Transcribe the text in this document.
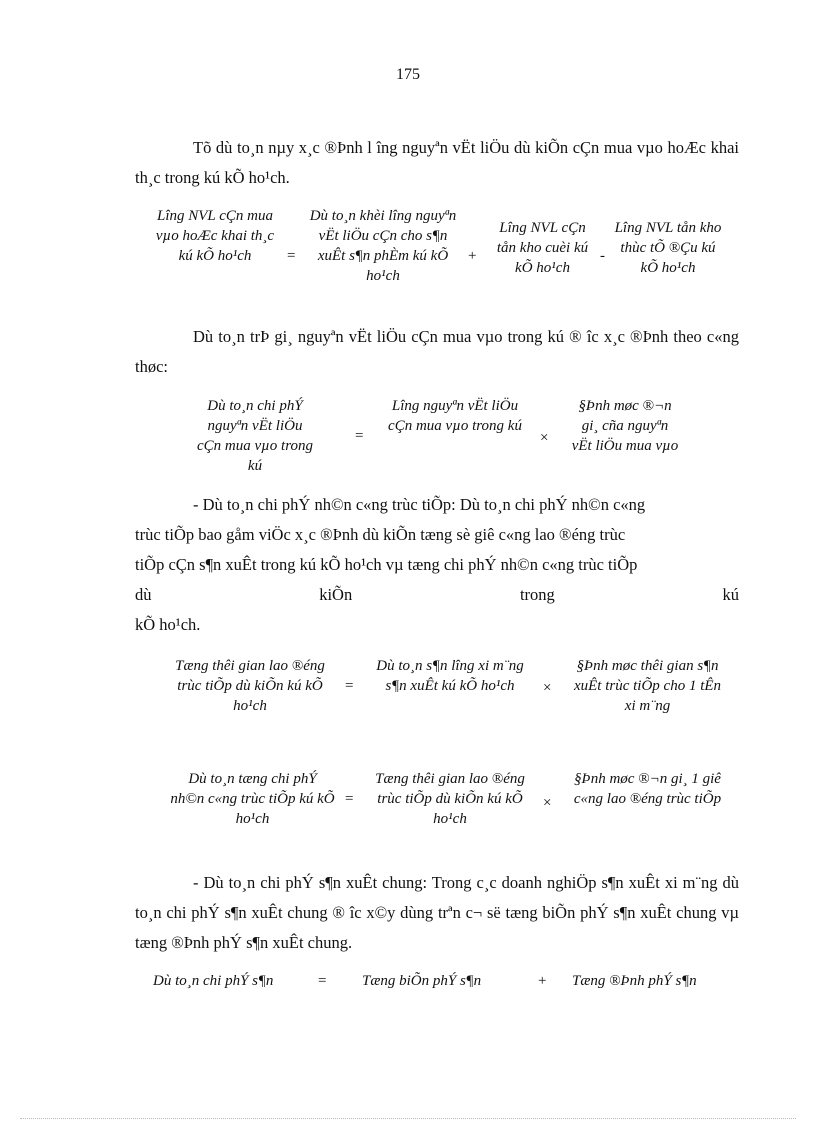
175
Tõ dù to¸n nµy x¸c ®Þnh l îng nguyªn vËt liÖu dù kiÕn cÇn mua vµo hoÆc khai th¸c trong kú kÕ ho¹ch.
Lîng NVL cÇn mua vµo hoÆc khai th¸c kú kÕ ho¹ch	=
Dù to¸n khèi lîng nguyªn vËt liÖu cÇn cho s¶n xuÊt s¶n phÈm kú kÕ ho¹ch
+
Lîng NVL cÇn tån kho cuèi kú kÕ ho¹ch
-
Lîng NVL tån kho thùc tÕ ®Çu kú kÕ ho¹ch
Dù to¸n trÞ gi¸ nguyªn vËt liÖu cÇn mua vµo trong kú ® îc x¸c ®Þnh theo c«ng thøc:
Dù to¸n chi phÝ nguyªn vËt liÖu cÇn mua vµo trong kú
=
Lîng nguyªn vËt liÖu cÇn mua vµo trong kú
×
§Þnh møc ®¬n gi¸ cña nguyªn vËt liÖu mua vµo
- Dù to¸n chi phÝ nh©n c«ng trùc tiÕp: Dù to¸n chi phÝ nh©n c«ng
trùc tiÕp bao gåm viÖc x¸c ®Þnh dù kiÕn tæng sè giê c«ng lao ®éng trùc
tiÕp cÇn s¶n xuÊt trong kú kÕ ho¹ch vµ tæng chi phÝ nh©n c«ng trùc tiÕp
dù	kiÕn	trong	kú
kÕ ho¹ch.
Tæng thêi gian lao ®éng trùc tiÕp dù kiÕn kú kÕ ho¹ch
=
Dù to¸n s¶n lîng xi m¨ng s¶n xuÊt kú kÕ ho¹ch	×
§Þnh møc thêi gian s¶n xuÊt trùc tiÕp cho 1 tÊn xi m¨ng
Dù to¸n tæng chi phÝ nh©n c«ng trùc tiÕp kú kÕ ho¹ch
=
Tæng thêi gian lao ®éng trùc tiÕp dù kiÕn kú kÕ ho¹ch
×
§Þnh møc ®¬n gi¸ 1 giê c«ng lao ®éng trùc tiÕp
- Dù to¸n chi phÝ s¶n xuÊt chung: Trong c¸c doanh nghiÖp s¶n xuÊt xi m¨ng dù to¸n chi phÝ s¶n xuÊt chung ® îc x©y dùng trªn c¬ së tæng biÕn phÝ s¶n xuÊt chung vµ tæng ®Þnh phÝ s¶n xuÊt chung.
Dù to¸n chi phÝ s¶n	= Tæng biÕn phÝ s¶n	+ Tæng ®Þnh phÝ s¶n
